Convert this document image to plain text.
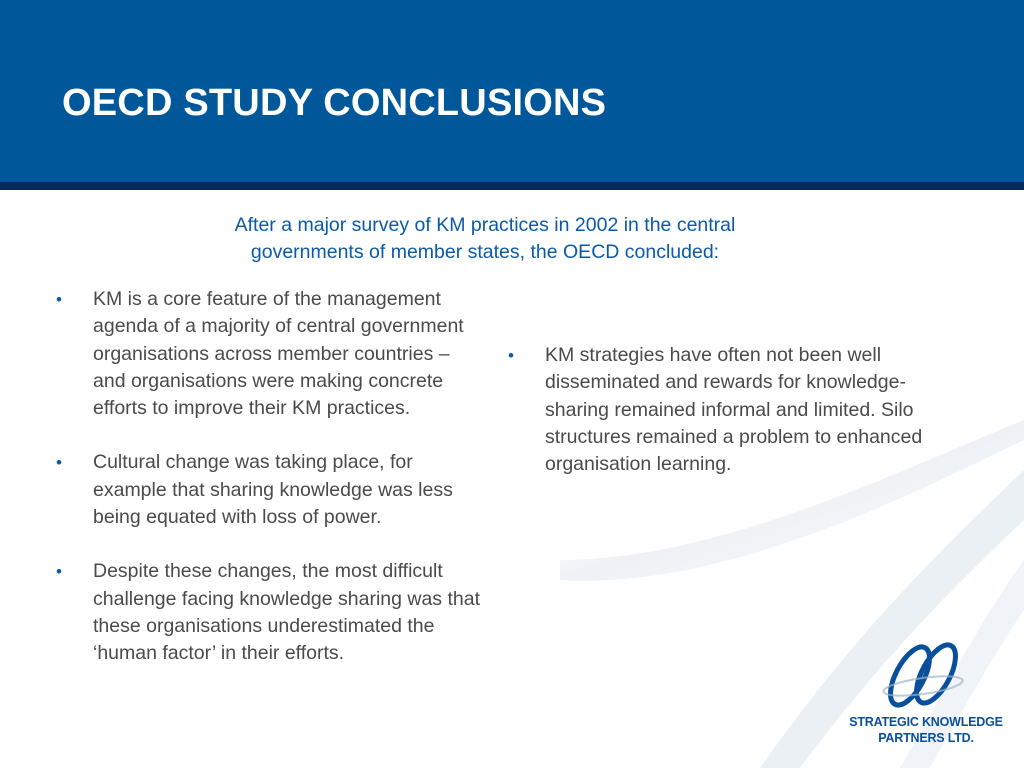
OECD STUDY CONCLUSIONS
After a major survey of KM practices in 2002 in the central
governments of member states, the OECD concluded:
• KM is a core feature of the management agenda of a majority of central government organisations across member countries – and organisations were making concrete efforts to improve their KM practices.
• Cultural change was taking place, for example that sharing knowledge was less being equated with loss of power.
• Despite these changes, the most difficult challenge facing knowledge sharing was that these organisations underestimated the ‘human factor’ in their efforts.
• KM strategies have often not been well disseminated and rewards for knowledge-sharing remained informal and limited. Silo structures remained a problem to enhanced organisation learning.
STRATEGIC KNOWLEDGE
PARTNERS LTD.
